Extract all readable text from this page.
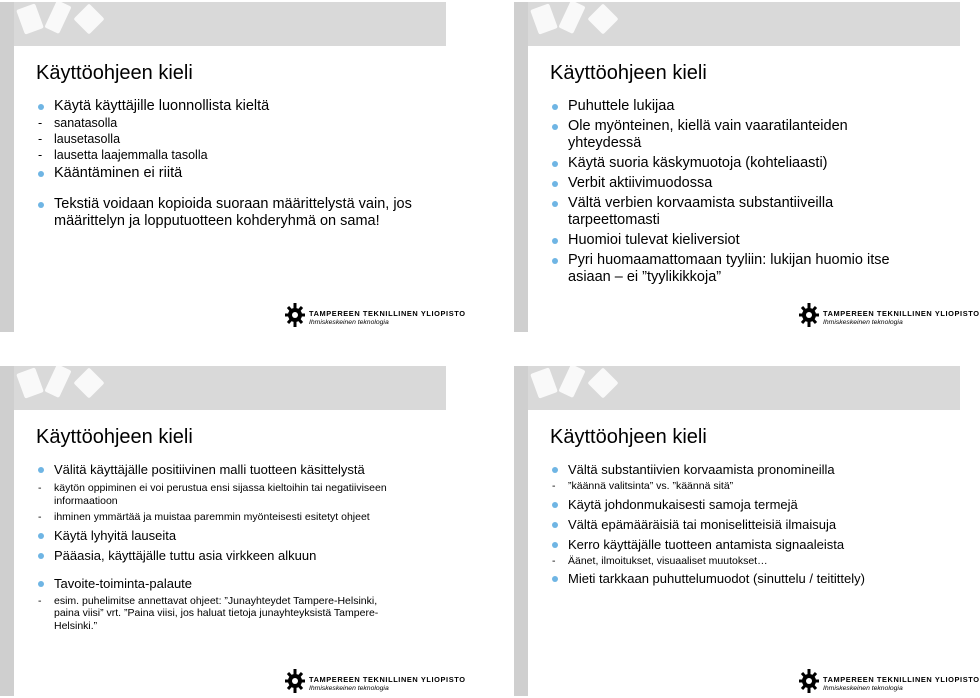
Käyttöohjeen kieli
Käytä käyttäjille luonnollista kieltä
- sanatasolla
- lausetasolla
- lausetta laajemmalla tasolla
Kääntäminen ei riitä
Tekstiä voidaan kopioida suoraan määrittelystä vain, jos määrittelyn ja lopputuotteen kohderyhmä on sama!
TAMPEREEN TEKNILLINEN YLIOPISTO
Ihmiskeskeinen teknologia
Käyttöohjeen kieli
Puhuttele lukijaa
Ole myönteinen, kiellä vain vaaratilanteiden yhteydessä
Käytä suoria käskymuotoja (kohteliaasti)
Verbit aktiivimuodossa
Vältä verbien korvaamista substantiiveilla tarpeettomasti
Huomioi tulevat kieliversiot
Pyri huomaamattomaan tyyliin: lukijan huomio itse asiaan – ei ”tyylikikkoja”
TAMPEREEN TEKNILLINEN YLIOPISTO
Ihmiskeskeinen teknologia
Käyttöohjeen kieli
Välitä käyttäjälle positiivinen malli tuotteen käsittelystä
- käytön oppiminen ei voi perustua ensi sijassa kieltoihin tai negatiiviseen informaatioon
- ihminen ymmärtää ja muistaa paremmin myönteisesti esitetyt ohjeet
Käytä lyhyitä lauseita
Pääasia, käyttäjälle tuttu asia virkkeen alkuun
Tavoite-toiminta-palaute
- esim. puhelimitse annettavat ohjeet: ”Junayhteydet Tampere-Helsinki, paina viisi” vrt. ”Paina viisi, jos haluat tietoja junayhteyksistä Tampere-Helsinki.”
TAMPEREEN TEKNILLINEN YLIOPISTO
Ihmiskeskeinen teknologia
Käyttöohjeen kieli
Vältä substantiivien korvaamista pronomineilla
- ”käännä valitsinta” vs. ”käännä sitä”
Käytä johdonmukaisesti samoja termejä
Vältä epämääräisiä tai moniselitteisiä ilmaisuja
Kerro käyttäjälle tuotteen antamista signaaleista
- Äänet, ilmoitukset, visuaaliset muutokset…
Mieti tarkkaan puhuttelumuodot (sinuttelu / teitittely)
TAMPEREEN TEKNILLINEN YLIOPISTO
Ihmiskeskeinen teknologia
